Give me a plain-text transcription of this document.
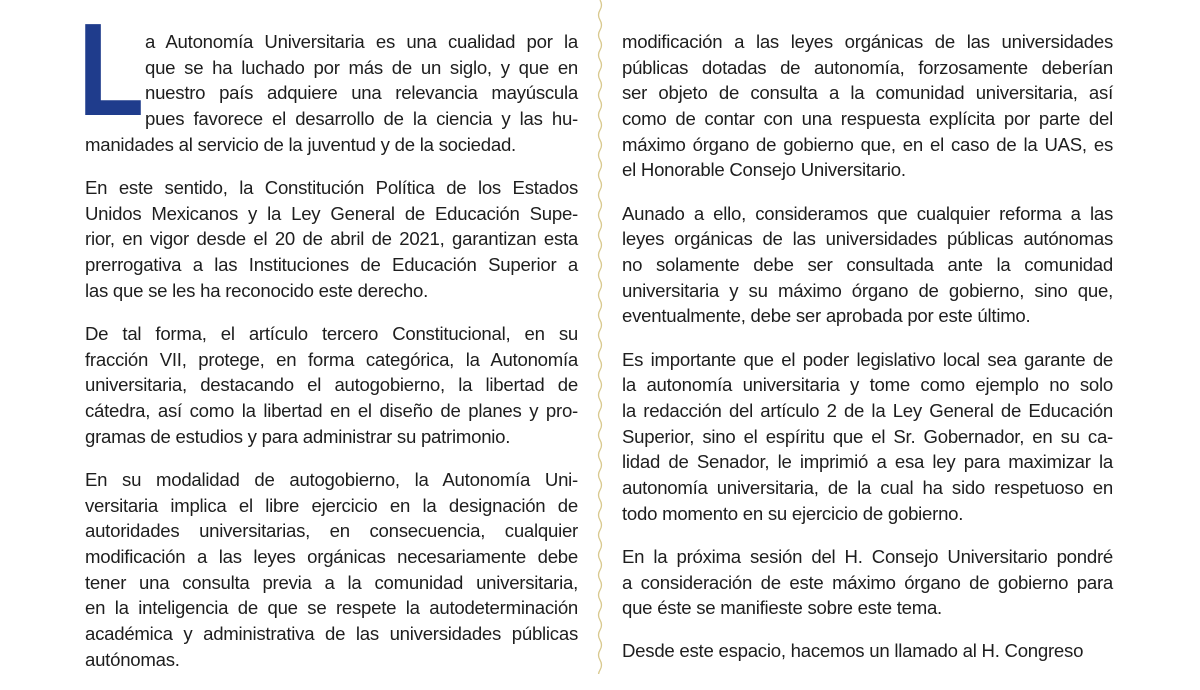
L a Autonomía Universitaria es una cualidad por la
que se ha luchado por más de un siglo, y que en
nuestro país adquiere una relevancia mayúscula
pues favorece el desarrollo de la ciencia y las hu-
manidades al servicio de la juventud y de la sociedad.
En este sentido, la Constitución Política de los Estados
Unidos Mexicanos y la Ley General de Educación Supe-
rior, en vigor desde el 20 de abril de 2021, garantizan esta
prerrogativa a las Instituciones de Educación Superior a
las que se les ha reconocido este derecho.
De tal forma, el artículo tercero Constitucional, en su
fracción VII, protege, en forma categórica, la Autonomía
universitaria, destacando el autogobierno, la libertad de
cátedra, así como la libertad en el diseño de planes y pro-
gramas de estudios y para administrar su patrimonio.
En su modalidad de autogobierno, la Autonomía Uni-
versitaria implica el libre ejercicio en la designación de
autoridades universitarias, en consecuencia, cualquier
modificación a las leyes orgánicas necesariamente debe
tener una consulta previa a la comunidad universitaria,
en la inteligencia de que se respete la autodeterminación
académica y administrativa de las universidades públicas
autónomas.
modificación a las leyes orgánicas de las universidades
públicas dotadas de autonomía, forzosamente deberían
ser objeto de consulta a la comunidad universitaria, así
como de contar con una respuesta explícita por parte del
máximo órgano de gobierno que, en el caso de la UAS, es
el Honorable Consejo Universitario.
Aunado a ello, consideramos que cualquier reforma a las
leyes orgánicas de las universidades públicas autónomas
no solamente debe ser consultada ante la comunidad
universitaria y su máximo órgano de gobierno, sino que,
eventualmente, debe ser aprobada por este último.
Es importante que el poder legislativo local sea garante de
la autonomía universitaria y tome como ejemplo no solo
la redacción del artículo 2 de la Ley General de Educación
Superior, sino el espíritu que el Sr. Gobernador, en su ca-
lidad de Senador, le imprimió a esa ley para maximizar la
autonomía universitaria, de la cual ha sido respetuoso en
todo momento en su ejercicio de gobierno.
En la próxima sesión del H. Consejo Universitario pondré
a consideración de este máximo órgano de gobierno para
que éste se manifieste sobre este tema.
Desde este espacio, hacemos un llamado al H. Congreso
